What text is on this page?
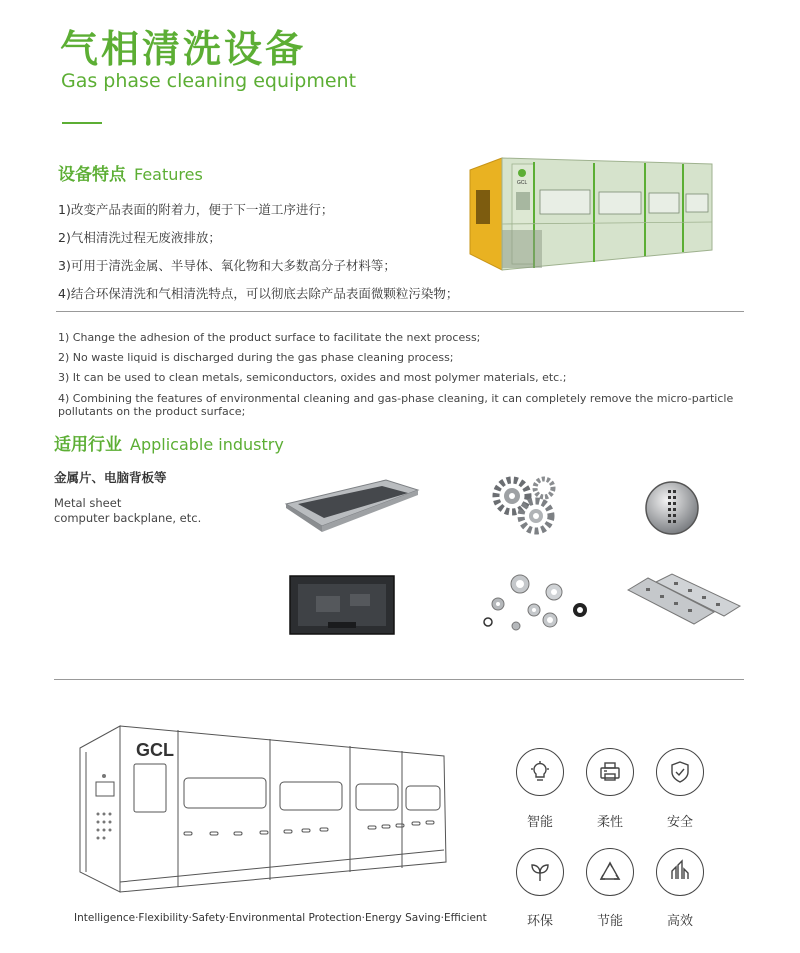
气相清洗设备
Gas phase cleaning equipment
设备特点 Features
1)改变产品表面的附着力，便于下一道工序进行；
2)气相清洗过程无废液排放；
3)可用于清洗金属、半导体、氧化物和大多数高分子材料等；
4)结合环保清洗和气相清洗特点，可以彻底去除产品表面微颗粒污染物；
GCL
1) Change the adhesion of the product surface to facilitate the next process;
2) No waste liquid is discharged during the gas phase cleaning process;
3) It can be used to clean metals, semiconductors, oxides and most polymer materials, etc.;
4) Combining the features of environmental cleaning and gas-phase cleaning, it can completely remove the micro-particle pollutants on the product surface;
适用行业 Applicable industry
金属片、电脑背板等
Metal sheet
computer backplane, etc.
GCL
Intelligence·Flexibility·Safety·Environmental Protection·Energy Saving·Efficient
智能	柔性	安全
环保	节能	高效
